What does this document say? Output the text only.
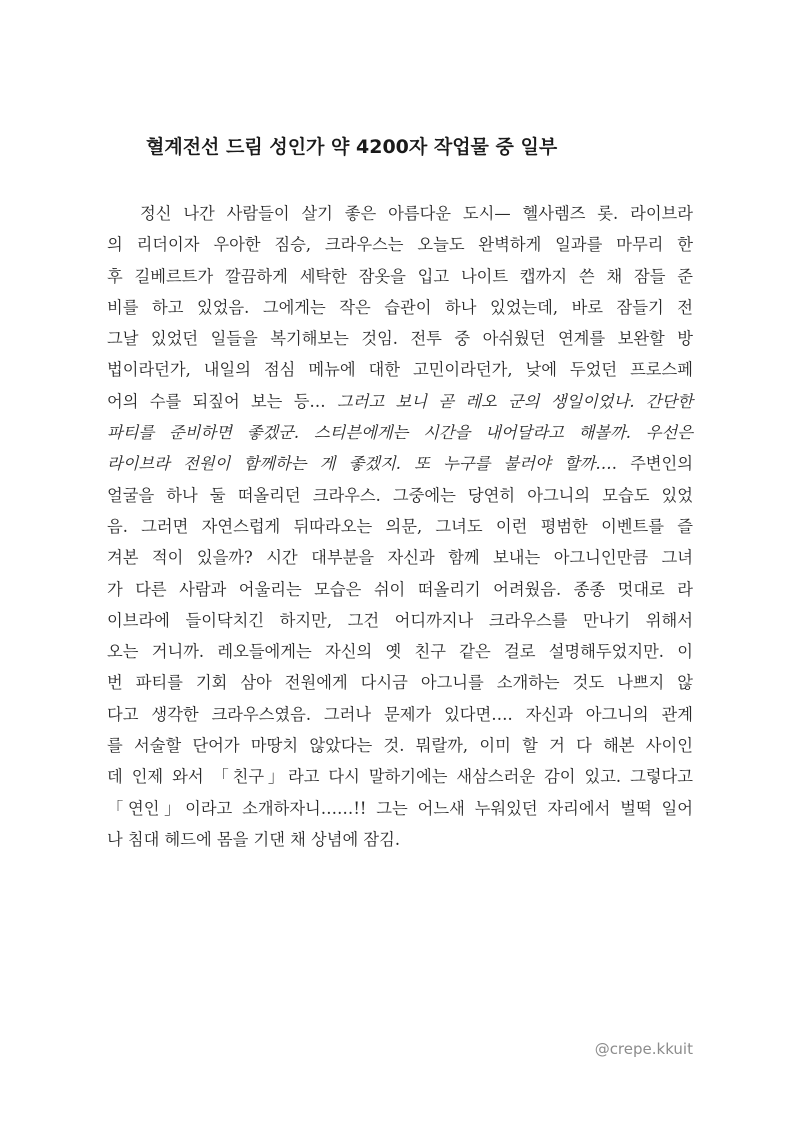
혈계전선 드림 성인가 약 4200자 작업물 중 일부
정신 나간 사람들이 살기 좋은 아름다운 도시— 헬사렘즈 롯. 라이브라
의 리더이자 우아한 짐승, 크라우스는 오늘도 완벽하게 일과를 마무리 한
후 길베르트가 깔끔하게 세탁한 잠옷을 입고 나이트 캡까지 쓴 채 잠들 준
비를 하고 있었음. 그에게는 작은 습관이 하나 있었는데, 바로 잠들기 전
그날 있었던 일들을 복기해보는 것임. 전투 중 아쉬웠던 연계를 보완할 방
법이라던가, 내일의 점심 메뉴에 대한 고민이라던가, 낮에 두었던 프로스페
어의 수를 되짚어 보는 등… 그러고 보니 곧 레오 군의 생일이었나. 간단한
파티를 준비하면 좋겠군. 스티븐에게는 시간을 내어달라고 해볼까. 우선은
라이브라 전원이 함께하는 게 좋겠지. 또 누구를 불러야 할까…. 주변인의
얼굴을 하나 둘 떠올리던 크라우스. 그중에는 당연히 아그니의 모습도 있었
음. 그러면 자연스럽게 뒤따라오는 의문, 그녀도 이런 평범한 이벤트를 즐
겨본 적이 있을까? 시간 대부분을 자신과 함께 보내는 아그니인만큼 그녀
가 다른 사람과 어울리는 모습은 쉬이 떠올리기 어려웠음. 종종 멋대로 라
이브라에 들이닥치긴 하지만, 그건 어디까지나 크라우스를 만나기 위해서
오는 거니까. 레오들에게는 자신의 옛 친구 같은 걸로 설명해두었지만. 이
번 파티를 기회 삼아 전원에게 다시금 아그니를 소개하는 것도 나쁘지 않
다고 생각한 크라우스였음. 그러나 문제가 있다면…. 자신과 아그니의 관계
를 서술할 단어가 마땅치 않았다는 것. 뭐랄까, 이미 할 거 다 해본 사이인
데 인제 와서 「친구」라고 다시 말하기에는 새삼스러운 감이 있고. 그렇다고
「연인」이라고 소개하자니……!! 그는 어느새 누워있던 자리에서 벌떡 일어
나 침대 헤드에 몸을 기댄 채 상념에 잠김.
@crepe.kkuit
